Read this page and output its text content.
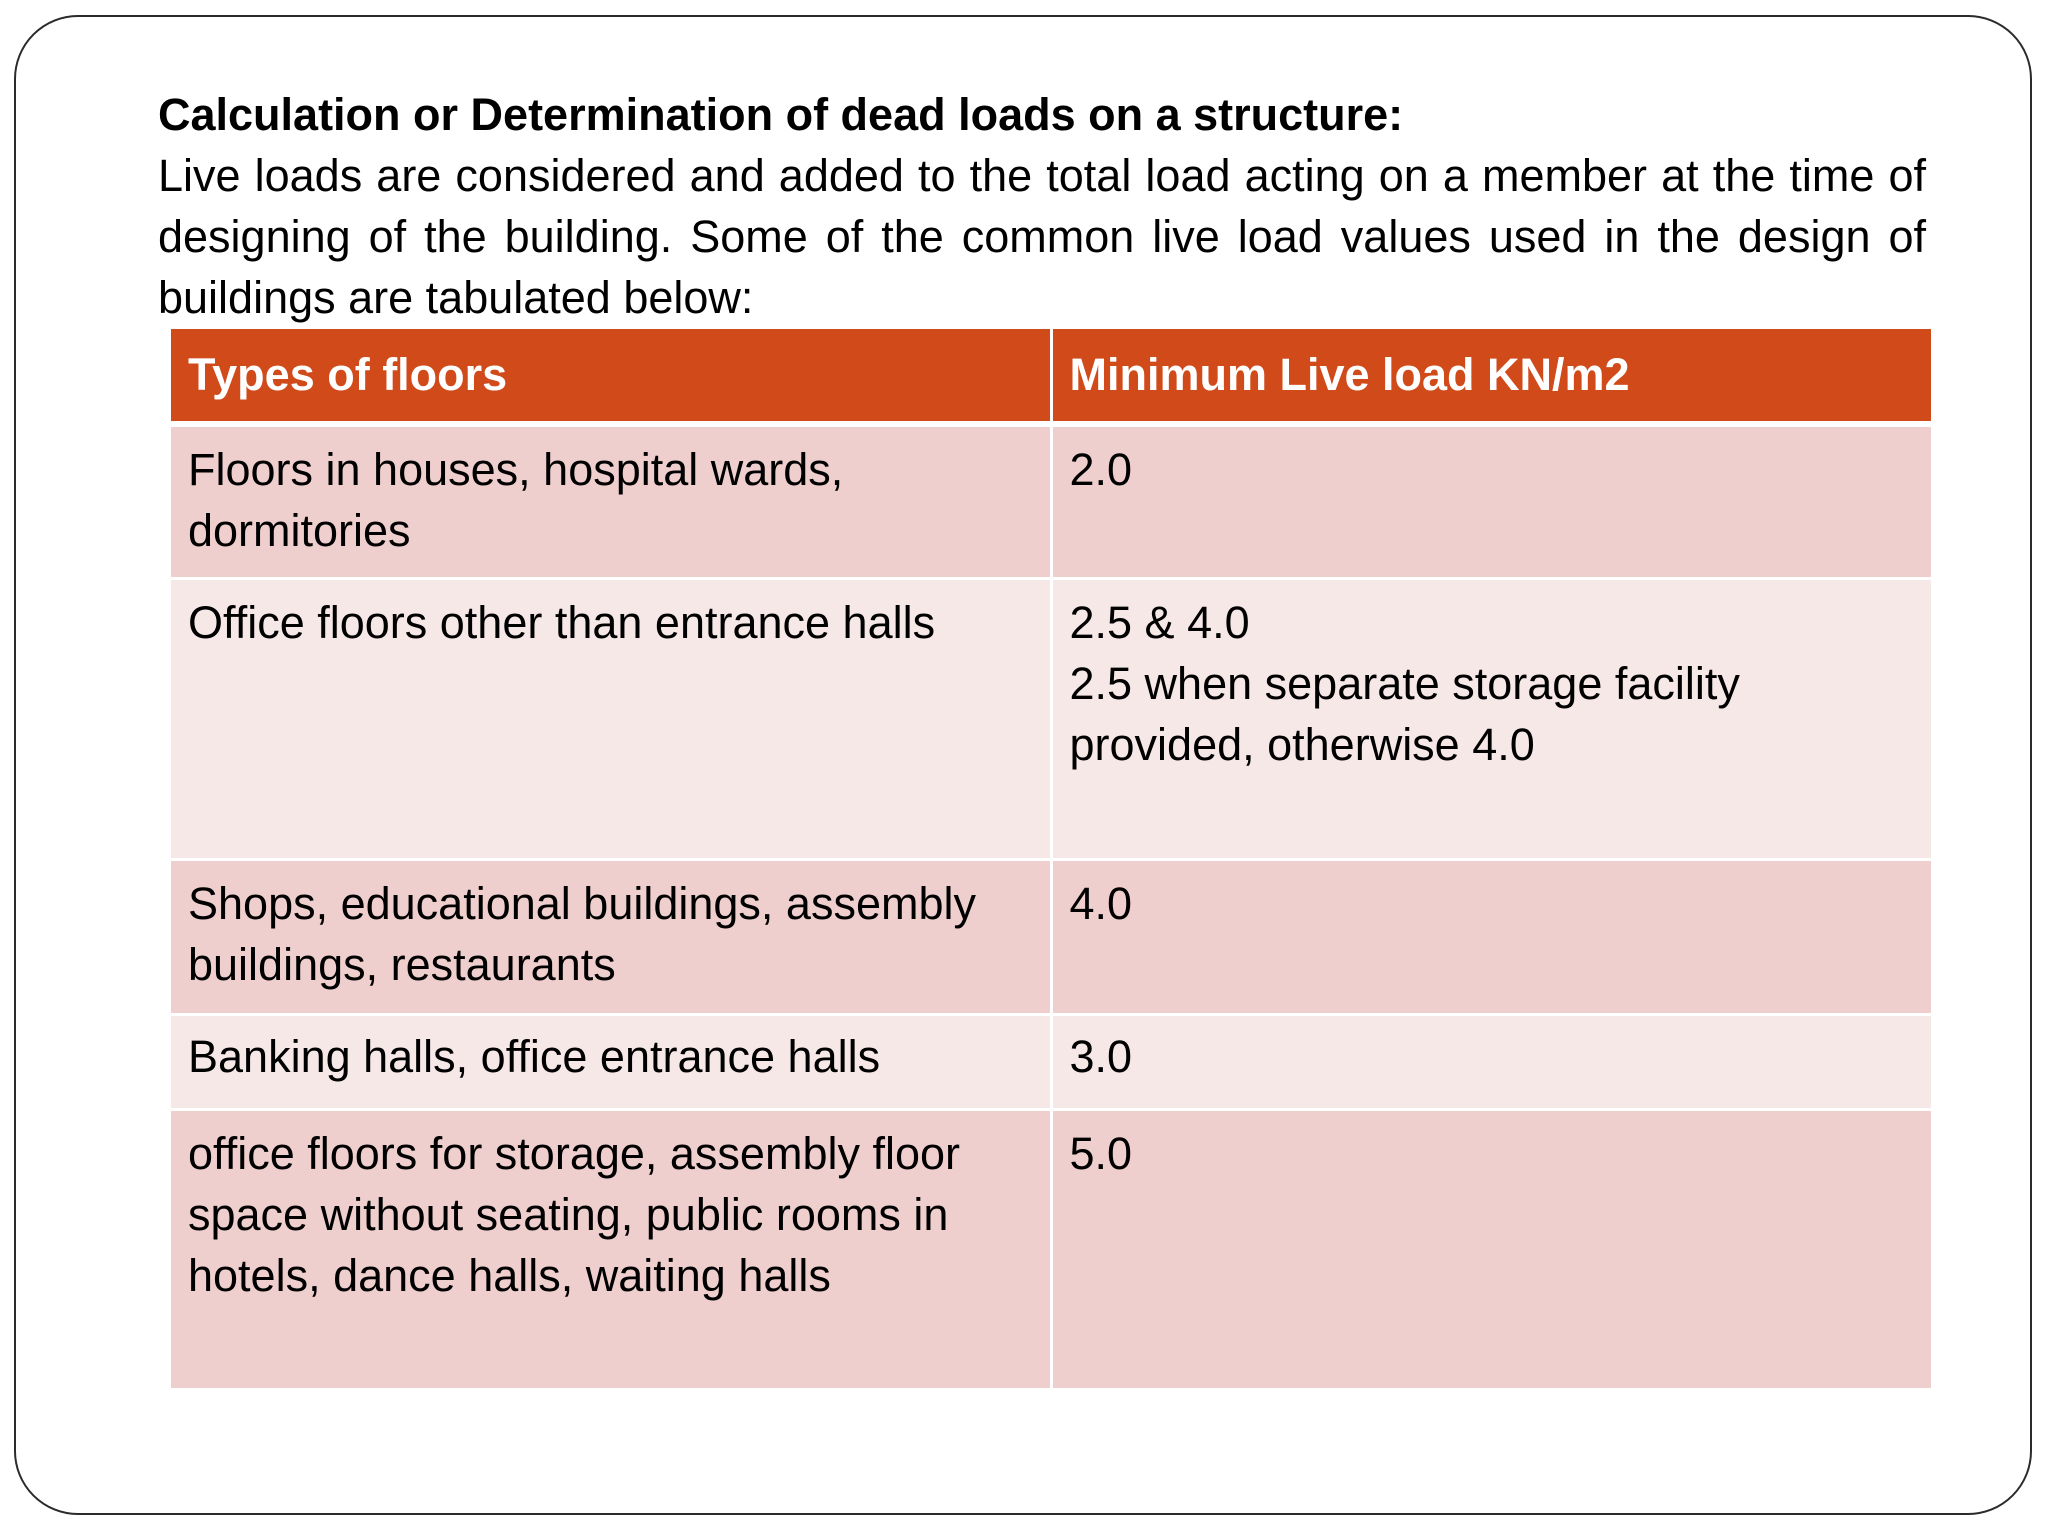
Calculation or Determination of dead loads on a structure:
Live loads are considered and added to the total load acting on a member at the time of designing of the building. Some of the common live load values used in the design of buildings are tabulated below:
Types of floors	Minimum Live load KN/m2
Floors in houses, hospital wards, dormitories	2.0

Office floors other than entrance halls	2.5 & 4.0
2.5 when separate storage facility provided, otherwise 4.0

Shops, educational buildings, assembly buildings, restaurants	4.0

Banking halls, office entrance halls	3.0

office floors for storage, assembly floor space without seating, public rooms in hotels, dance halls, waiting halls	5.0
